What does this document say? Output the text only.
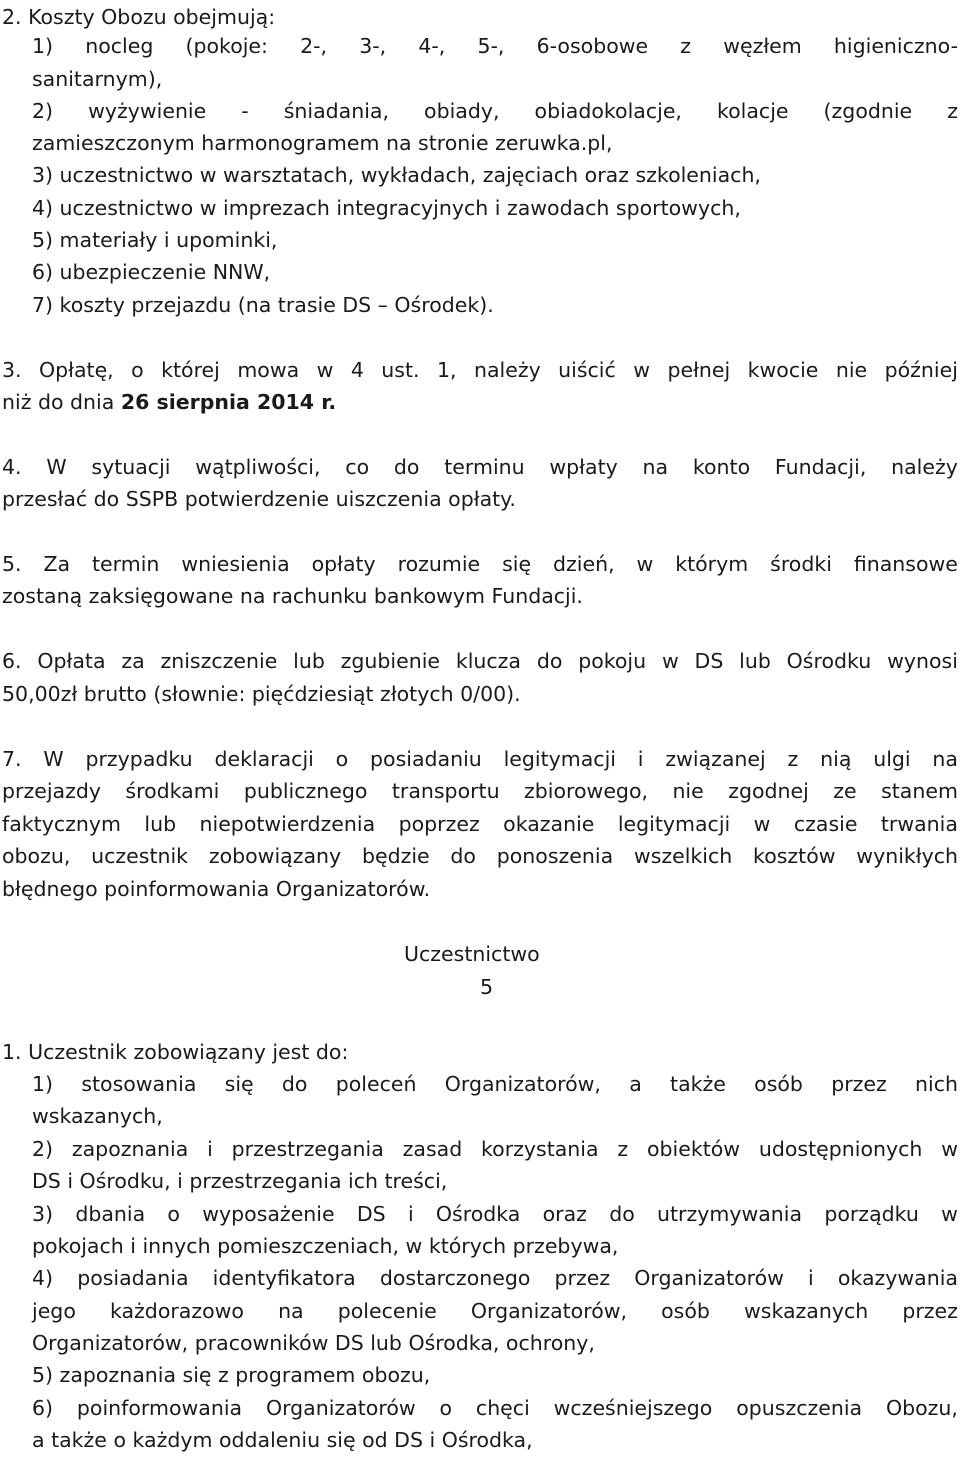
2. Koszty Obozu obejmują:
1) nocleg (pokoje: 2-, 3-, 4-, 5-, 6-osobowe z węzłem higieniczno-
sanitarnym),
2) wyżywienie - śniadania, obiady, obiadokolacje, kolacje (zgodnie z
zamieszczonym harmonogramem na stronie zeruwka.pl,
3) uczestnictwo w warsztatach, wykładach, zajęciach oraz szkoleniach,
4) uczestnictwo w imprezach integracyjnych i zawodach sportowych,
5) materiały i upominki,
6) ubezpieczenie NNW,
7) koszty przejazdu (na trasie DS – Ośrodek).
3. Opłatę, o której mowa w 4 ust. 1, należy uiścić w pełnej kwocie nie później
niż do dnia 26 sierpnia 2014 r.
4. W sytuacji wątpliwości, co do terminu wpłaty na konto Fundacji, należy
przesłać do SSPB potwierdzenie uiszczenia opłaty.
5. Za termin wniesienia opłaty rozumie się dzień, w którym środki finansowe
zostaną zaksięgowane na rachunku bankowym Fundacji.
6. Opłata za zniszczenie lub zgubienie klucza do pokoju w DS lub Ośrodku wynosi
50,00zł brutto (słownie: pięćdziesiąt złotych 0/00).
7. W przypadku deklaracji o posiadaniu legitymacji i związanej z nią ulgi na
przejazdy środkami publicznego transportu zbiorowego, nie zgodnej ze stanem
faktycznym lub niepotwierdzenia poprzez okazanie legitymacji w czasie trwania
obozu, uczestnik zobowiązany będzie do ponoszenia wszelkich kosztów wynikłych
błędnego poinformowania Organizatorów.
Uczestnictwo
5
1. Uczestnik zobowiązany jest do:
1) stosowania się do poleceń Organizatorów, a także osób przez nich
wskazanych,
2) zapoznania i przestrzegania zasad korzystania z obiektów udostępnionych w
DS i Ośrodku, i przestrzegania ich treści,
3) dbania o wyposażenie DS i Ośrodka oraz do utrzymywania porządku w
pokojach i innych pomieszczeniach, w których przebywa,
4) posiadania identyfikatora dostarczonego przez Organizatorów i okazywania
jego każdorazowo na polecenie Organizatorów, osób wskazanych przez
Organizatorów, pracowników DS lub Ośrodka, ochrony,
5) zapoznania się z programem obozu,
6) poinformowania Organizatorów o chęci wcześniejszego opuszczenia Obozu,
a także o każdym oddaleniu się od DS i Ośrodka,
